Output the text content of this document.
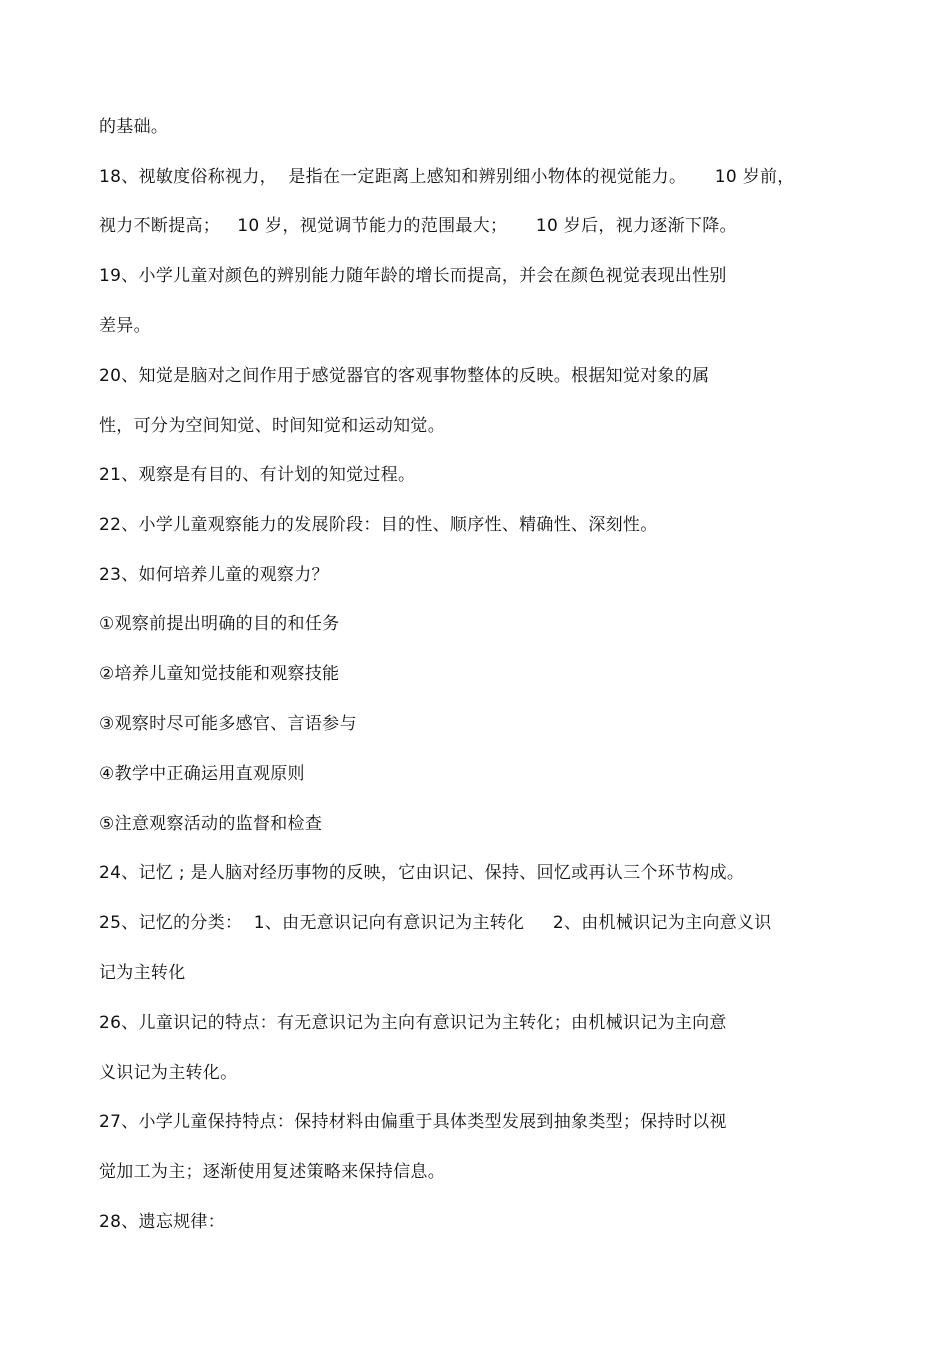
的基础。
18、视敏度俗称视力，  是指在一定距离上感知和辨别细小物体的视觉能力。     10 岁前，
视力不断提高；   10 岁，视觉调节能力的范围最大；     10 岁后，视力逐渐下降。
19、小学儿童对颜色的辨别能力随年龄的增长而提高，并会在颜色视觉表现出性别
差异。
20、知觉是脑对之间作用于感觉器官的客观事物整体的反映。根据知觉对象的属
性，可分为空间知觉、时间知觉和运动知觉。
21、观察是有目的、有计划的知觉过程。
22、小学儿童观察能力的发展阶段：目的性、顺序性、精确性、深刻性。
23、如何培养儿童的观察力？
①观察前提出明确的目的和任务
②培养儿童知觉技能和观察技能
③观察时尽可能多感官、言语参与
④教学中正确运用直观原则
⑤注意观察活动的监督和检查
24、记忆 ; 是人脑对经历事物的反映，它由识记、保持、回忆或再认三个环节构成。
25、记忆的分类：  1、由无意识记向有意识记为主转化     2、由机械识记为主向意义识
记为主转化
26、儿童识记的特点：有无意识记为主向有意识记为主转化；由机械识记为主向意
义识记为主转化。
27、小学儿童保持特点：保持材料由偏重于具体类型发展到抽象类型；保持时以视
觉加工为主；逐渐使用复述策略来保持信息。
28、遗忘规律：
